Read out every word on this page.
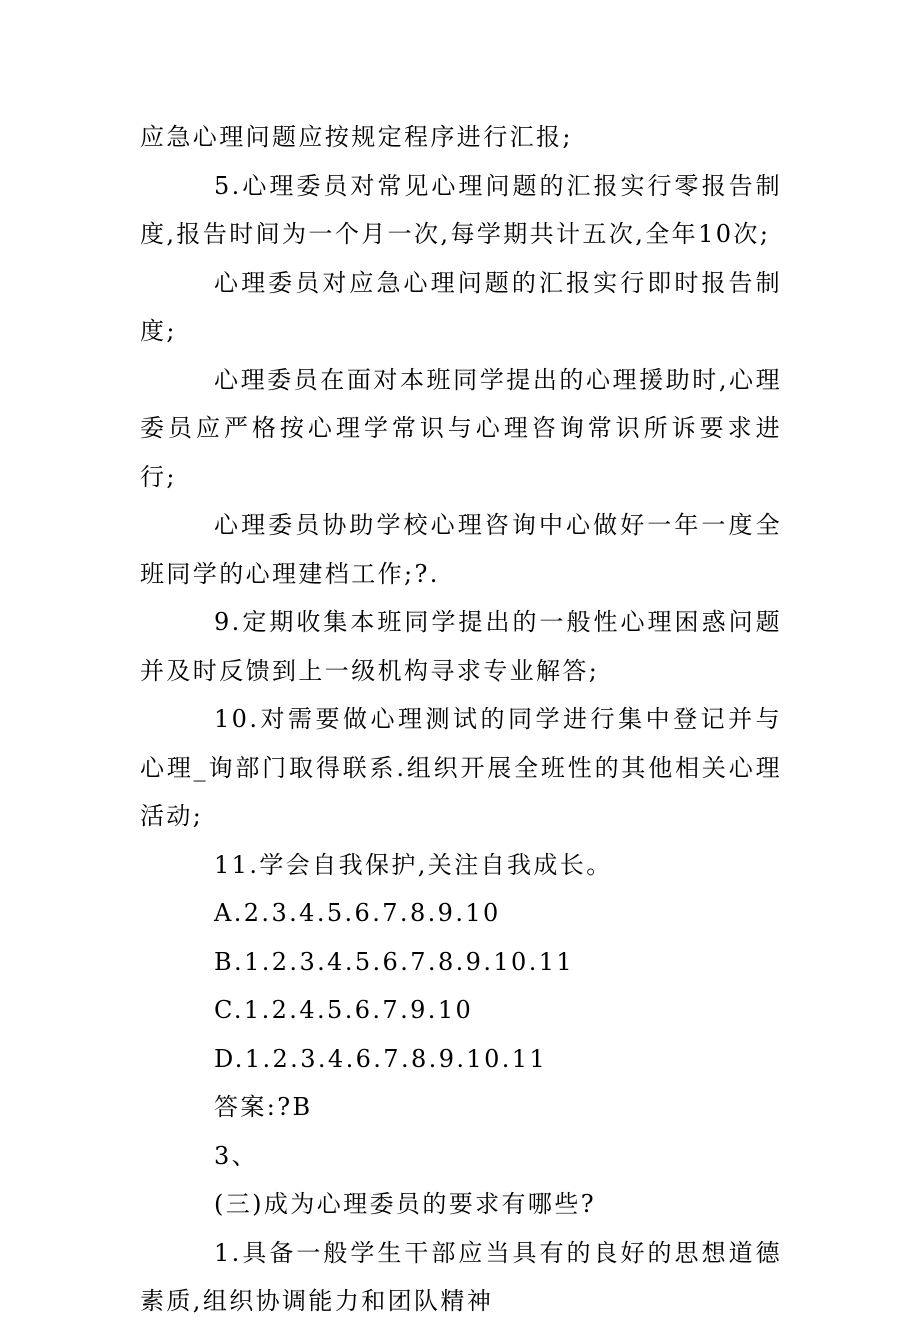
应急心理问题应按规定程序进行汇报;

5.心理委员对常见心理问题的汇报实行零报告制度,报告时间为一个月一次,每学期共计五次,全年10次;

心理委员对应急心理问题的汇报实行即时报告制度;

心理委员在面对本班同学提出的心理援助时,心理委员应严格按心理学常识与心理咨询常识所诉要求进行;

心理委员协助学校心理咨询中心做好一年一度全班同学的心理建档工作;?.

9.定期收集本班同学提出的一般性心理困惑问题并及时反馈到上一级机构寻求专业解答;

10.对需要做心理测试的同学进行集中登记并与心理_询部门取得联系.组织开展全班性的其他相关心理活动;

11.学会自我保护,关注自我成长。

A.2.3.4.5.6.7.8.9.10

B.1.2.3.4.5.6.7.8.9.10.11

C.1.2.4.5.6.7.9.10

D.1.2.3.4.6.7.8.9.10.11

答案:?B

3、

(三)成为心理委员的要求有哪些?

1.具备一般学生干部应当具有的良好的思想道德素质,组织协调能力和团队精神
